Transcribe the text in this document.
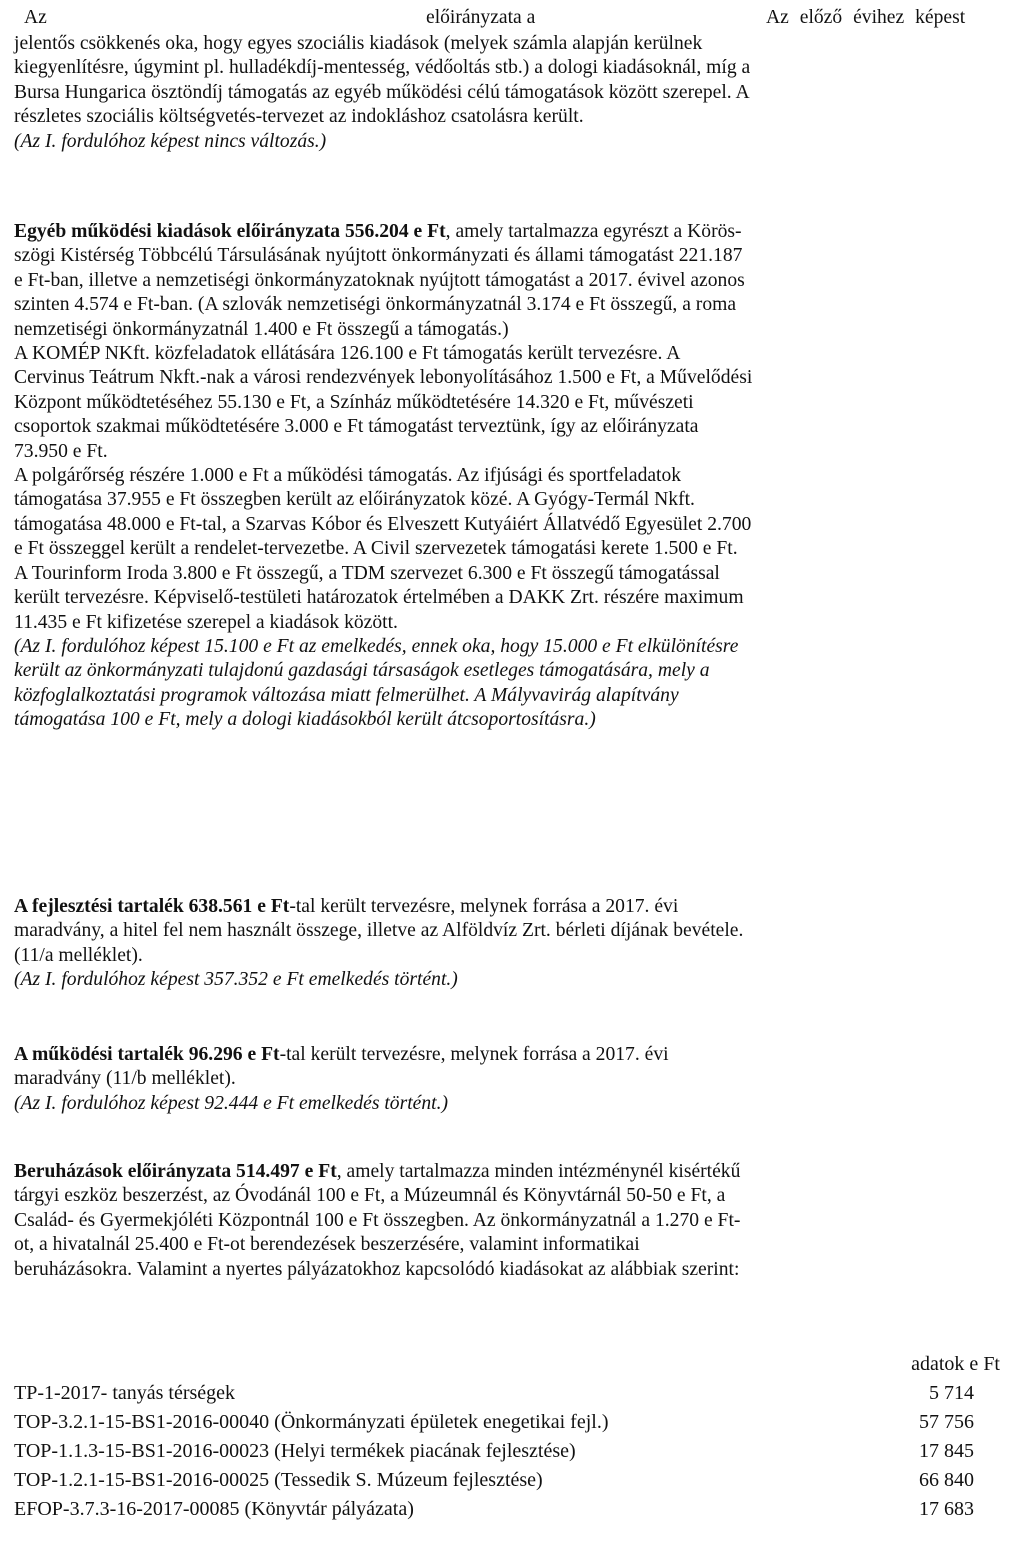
Az	előirányzata a	Az előző évihez képest
jelentős csökkenés oka, hogy egyes szociális kiadások (melyek számla alapján kerülnek
kiegyenlítésre, úgymint pl. hulladékdíj-mentesség, védőoltás stb.) a dologi kiadásoknál, míg a
Bursa Hungarica ösztöndíj támogatás az egyéb működési célú támogatások között szerepel. A
részletes szociális költségvetés-tervezet az indokláshoz csatolásra került.
(Az I. fordulóhoz képest nincs változás.)
Egyéb működési kiadások előirányzata 556.204 e Ft, amely tartalmazza egyrészt a Körös-
szögi Kistérség Többcélú Társulásának nyújtott önkormányzati és állami támogatást 221.187
e Ft-ban, illetve a nemzetiségi önkormányzatoknak nyújtott támogatást a 2017. évivel azonos
szinten 4.574 e Ft-ban. (A szlovák nemzetiségi önkormányzatnál 3.174 e Ft összegű, a roma
nemzetiségi önkormányzatnál 1.400 e Ft összegű a támogatás.)
A KOMÉP NKft. közfeladatok ellátására 126.100 e Ft támogatás került tervezésre. A
Cervinus Teátrum Nkft.-nak a városi rendezvények lebonyolításához 1.500 e Ft, a Művelődési
Központ működtetéséhez 55.130 e Ft, a Színház működtetésére 14.320 e Ft, művészeti
csoportok szakmai működtetésére 3.000 e Ft támogatást terveztünk, így az előirányzata
73.950 e Ft.
A polgárőrség részére 1.000 e Ft a működési támogatás. Az ifjúsági és sportfeladatok
támogatása 37.955 e Ft összegben került az előirányzatok közé. A Gyógy-Termál Nkft.
támogatása 48.000 e Ft-tal, a Szarvas Kóbor és Elveszett Kutyáiért Állatvédő Egyesület 2.700
e Ft összeggel került a rendelet-tervezetbe. A Civil szervezetek támogatási kerete 1.500 e Ft.
A Tourinform Iroda 3.800 e Ft összegű, a TDM szervezet 6.300 e Ft összegű támogatással
került tervezésre. Képviselő-testületi határozatok értelmében a DAKK Zrt. részére maximum
11.435 e Ft kifizetése szerepel a kiadások között.
(Az I. fordulóhoz képest 15.100 e Ft az emelkedés, ennek oka, hogy 15.000 e Ft elkülönítésre
került az önkormányzati tulajdonú gazdasági társaságok esetleges támogatására, mely a
közfoglalkoztatási programok változása miatt felmerülhet. A Mályvavirág alapítvány
támogatása 100 e Ft, mely a dologi kiadásokból került átcsoportosításra.)
A fejlesztési tartalék 638.561 e Ft-tal került tervezésre, melynek forrása a 2017. évi
maradvány, a hitel fel nem használt összege, illetve az Alföldvíz Zrt. bérleti díjának bevétele.
(11/a melléklet).
(Az I. fordulóhoz képest 357.352 e Ft emelkedés történt.)
A működési tartalék 96.296 e Ft-tal került tervezésre, melynek forrása a 2017. évi
maradvány (11/b melléklet).
(Az I. fordulóhoz képest 92.444 e Ft emelkedés történt.)
Beruházások előirányzata 514.497 e Ft, amely tartalmazza minden intézménynél kisértékű
tárgyi eszköz beszerzést, az Óvodánál 100 e Ft, a Múzeumnál és Könyvtárnál 50-50 e Ft, a
Család- és Gyermekjóléti Központnál 100 e Ft összegben. Az önkormányzatnál a 1.270 e Ft-
ot, a hivatalnál 25.400 e Ft-ot berendezések beszerzésére, valamint informatikai
beruházásokra. Valamint a nyertes pályázatokhoz kapcsolódó kiadásokat az alábbiak szerint:
	adatok e Ft
TP-1-2017- tanyás térségek	5 714
TOP-3.2.1-15-BS1-2016-00040 (Önkormányzati épületek enegetikai fejl.)	57 756
TOP-1.1.3-15-BS1-2016-00023 (Helyi termékek piacának fejlesztése)	17 845
TOP-1.2.1-15-BS1-2016-00025 (Tessedik S. Múzeum fejlesztése)	66 840
EFOP-3.7.3-16-2017-00085 (Könyvtár pályázata)	17 683
